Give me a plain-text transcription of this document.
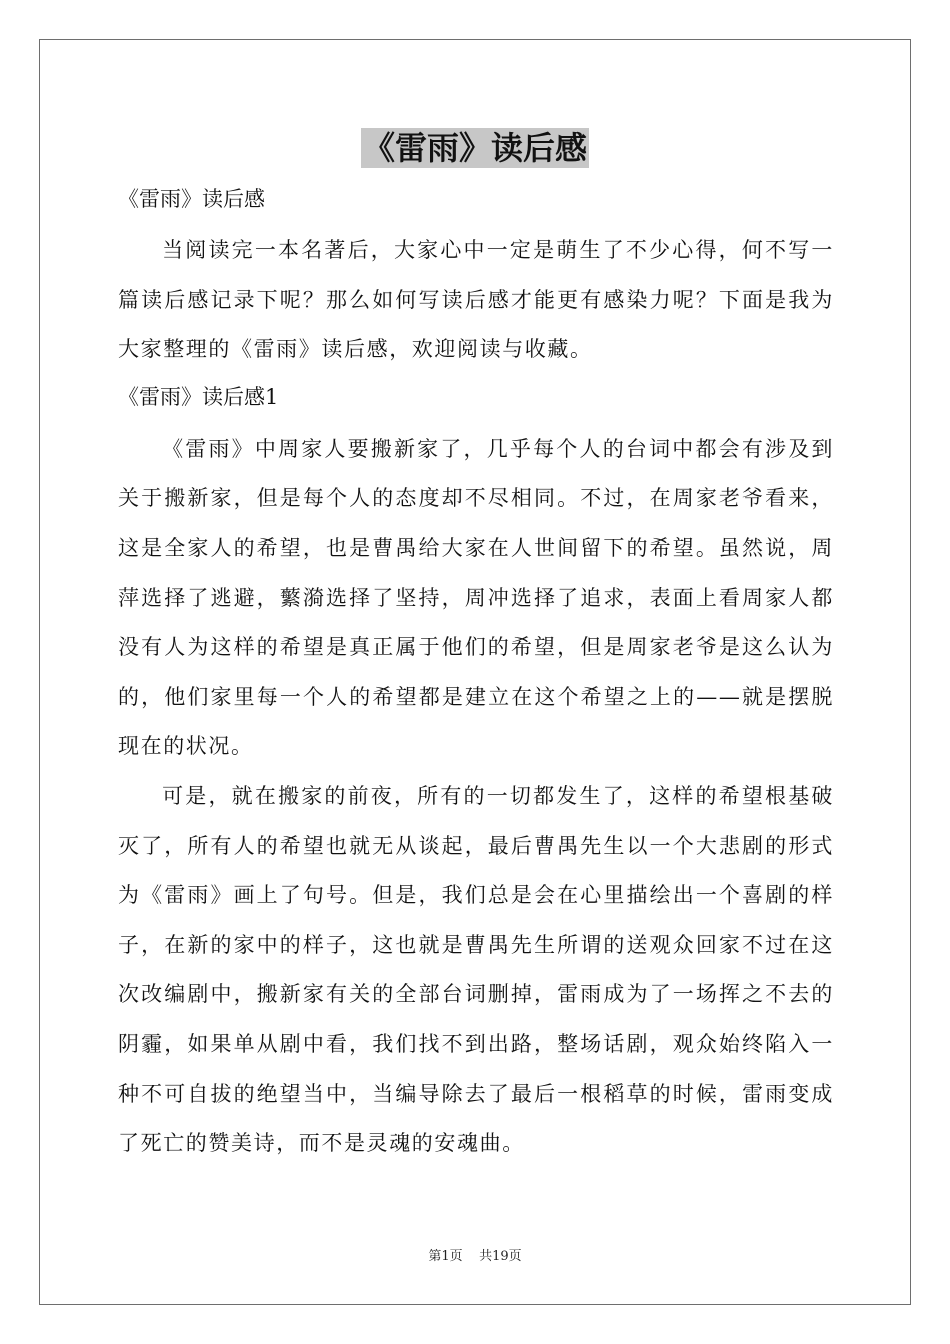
《雷雨》读后感

《雷雨》读后感

当阅读完一本名著后，大家心中一定是萌生了不少心得，何不写一篇读后感记录下呢？那么如何写读后感才能更有感染力呢？下面是我为大家整理的《雷雨》读后感，欢迎阅读与收藏。

《雷雨》读后感1

《雷雨》中周家人要搬新家了，几乎每个人的台词中都会有涉及到关于搬新家，但是每个人的态度却不尽相同。不过，在周家老爷看来，这是全家人的希望，也是曹禺给大家在人世间留下的希望。虽然说，周萍选择了逃避，蘩漪选择了坚持，周冲选择了追求，表面上看周家人都没有人为这样的希望是真正属于他们的希望，但是周家老爷是这么认为的，他们家里每一个人的希望都是建立在这个希望之上的——就是摆脱现在的状况。

可是，就在搬家的前夜，所有的一切都发生了，这样的希望根基破灭了，所有人的希望也就无从谈起，最后曹禺先生以一个大悲剧的形式为《雷雨》画上了句号。但是，我们总是会在心里描绘出一个喜剧的样子，在新的家中的样子，这也就是曹禺先生所谓的送观众回家不过在这次改编剧中，搬新家有关的全部台词删掉，雷雨成为了一场挥之不去的阴霾，如果单从剧中看，我们找不到出路，整场话剧，观众始终陷入一种不可自拔的绝望当中，当编导除去了最后一根稻草的时候，雷雨变成了死亡的赞美诗，而不是灵魂的安魂曲。

第1页 共19页
